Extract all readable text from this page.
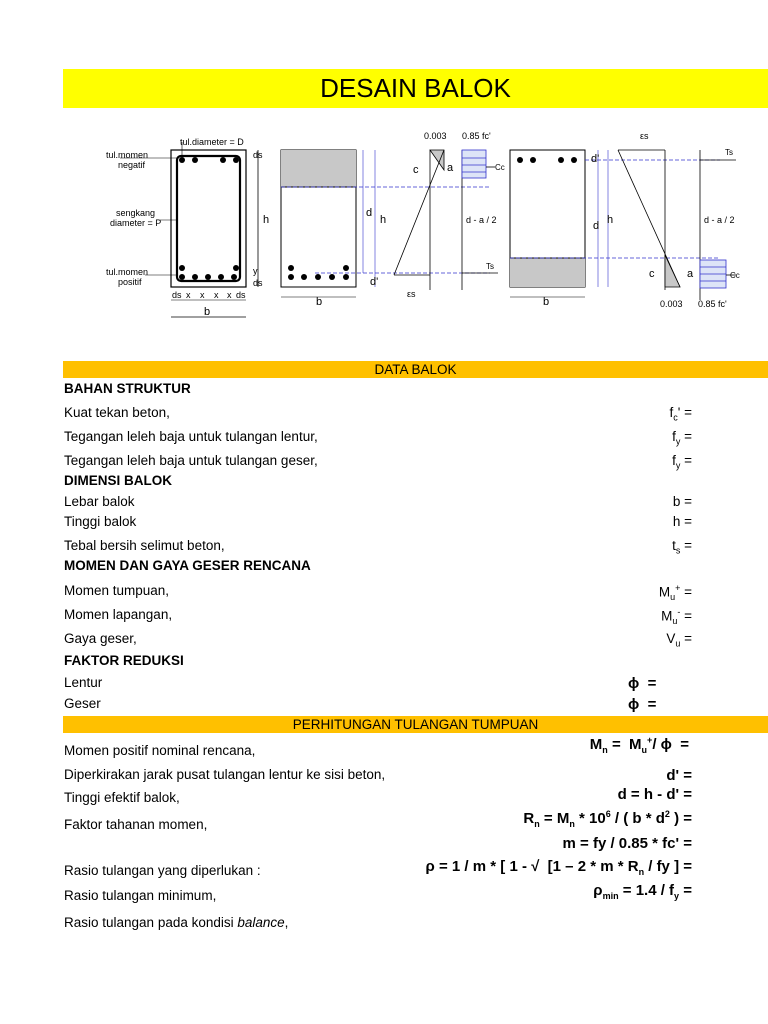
DESAIN BALOK
tul.diameter = D
tul.momen
negatif
sengkang
diameter = P
tul.momen
positif
ds
h
y
ds
ds x x x x ds
b
d
h
d'
b
0.003
c
εs
0.85 fc'
a	Cc
d - a / 2
Ts
d'
d h
b
εs
c
0.003
Ts
d - a / 2
a	Cc
0.85 fc'
DATA BALOK
BAHAN STRUKTUR
Kuat tekan beton,	$f_c'$ =
Tegangan leleh baja untuk tulangan lentur,	$f_y$ =
Tegangan leleh baja untuk tulangan geser,	$f_y$ =
DIMENSI BALOK
Lebar balok	b =
Tinggi balok	h =
Tebal bersih selimut beton,	$t_s$ =
MOMEN DAN GAYA GESER RENCANA
Momen tumpuan,	$M_u^+$ =
Momen lapangan,	$M_u^-$ =
Gaya geser,	$V_u$ =
FAKTOR REDUKSI
Lentur	ϕ  =
Geser	ϕ  =
PERHITUNGAN TULANGAN TUMPUAN
Momen positif nominal rencana,	$M_n = M_u^+/$ ϕ  =
Diperkirakan jarak pusat tulangan lentur ke sisi beton,	d' =
Tinggi efektif balok,	d = h - d' =
Faktor tahanan momen,	$R_n = M_n * 10^6$ / ( b * $d^2$ ) =
m = fy / 0.85 * fc' =
Rasio tulangan yang diperlukan :	ρ = 1 / m * [ 1 - √  [1 – 2 * m * $R_n$ / fy ] =
Rasio tulangan minimum,	$\rho_{min} = 1.4 / f_y$ =
Rasio tulangan pada kondisi balance,
